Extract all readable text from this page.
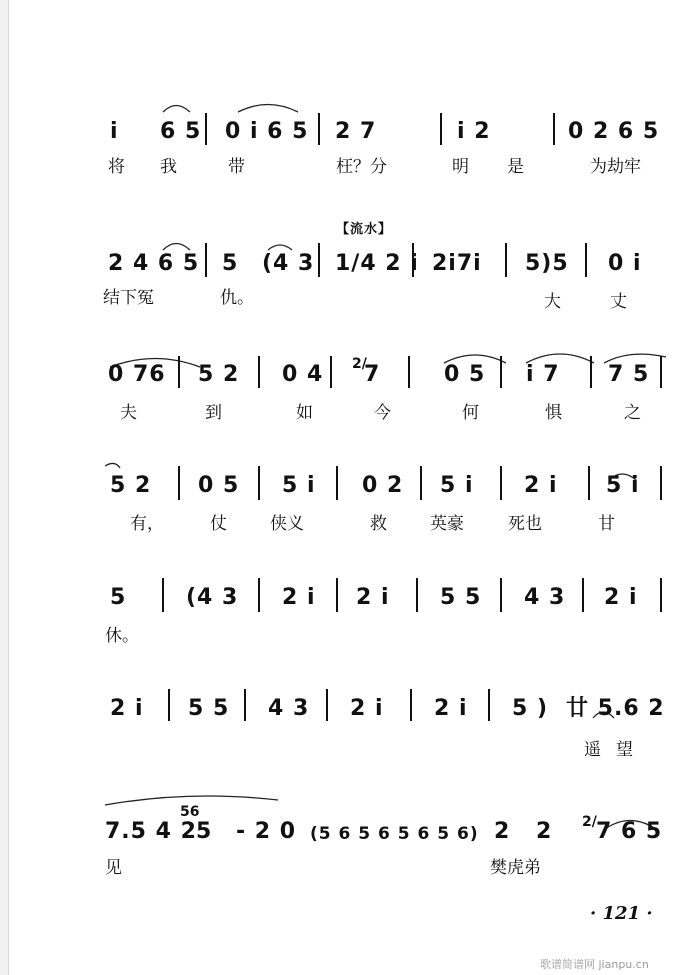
i 6 5 0 i 6 5 2 7	i 2	0 2 6 5
将 我	带	枉？分	明 是	为劫牢
【流水】
2 4 6 5 5 (4 3 1/4 2 i 2i7i 5)5 0 i
结下冤	仇。	大	丈
0 76 5 2 0 4 2/
7	0 5 i 7 7 5
夫	到	如	今	何	惧	之
5 2 0 5 5 i 0 2 5 i 2 i 5 i
有，	仗	侠义	救	英豪	死也	甘
5	(4 3 2 i 2 i 5 5 4 3 2 i
休。
2 i 5 5 4 3 2 i 2 i 5 ) 廿 5.6 2
遥 望
56
7.5 4 2 5 - 2 0 (5 6 5 6 5 6 5 6) 2 2 2/ 7 6 5
见	樊虎弟
· 121 ·
歌谱简谱网 jianpu.cn
